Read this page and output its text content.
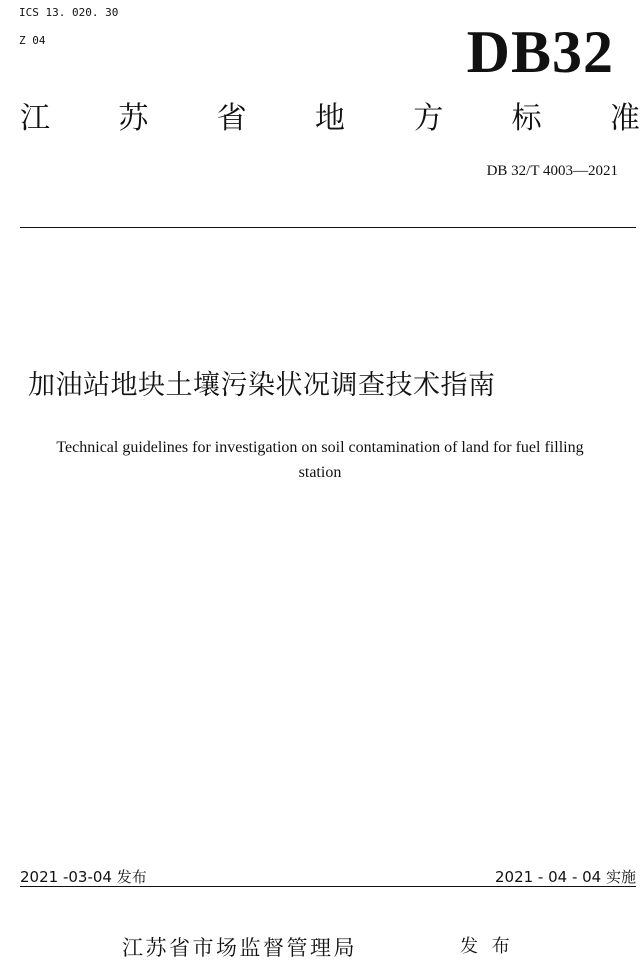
ICS 13. 020. 30
Z 04	DB32
江 苏 省 地 方 标 准
DB 32/T 4003—2021
加油站地块土壤污染状况调查技术指南
Technical guidelines for investigation on soil contamination of land for fuel filling
station
2021 -03-04 发布	2021 - 04 - 04 实施
江苏省市场监督管理局	发 布
